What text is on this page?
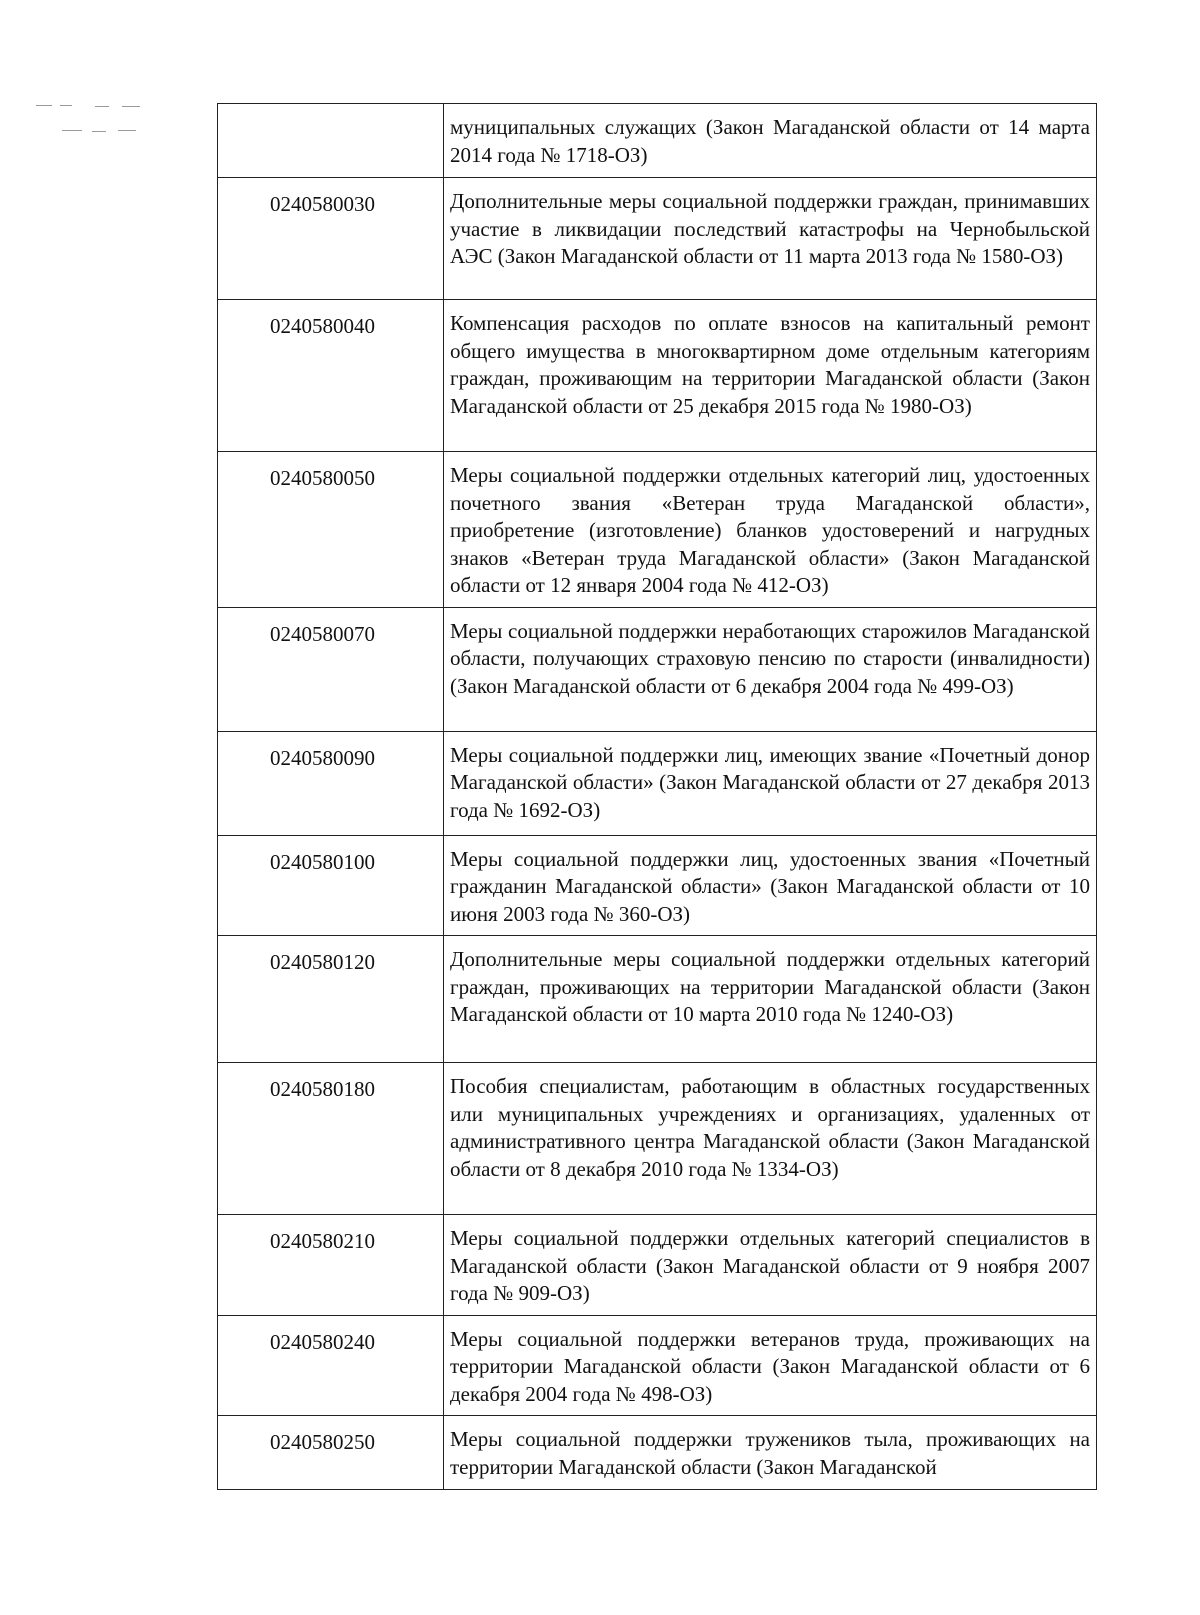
	муниципальных служащих (Закон Магаданской области от 14 марта 2014 года № 1718-ОЗ)

0240580030	Дополнительные меры социальной поддержки граждан, принимавших участие в ликвидации последствий катастрофы на Чернобыльской АЭС (Закон Магаданской области от 11 марта 2013 года № 1580-ОЗ)

0240580040	Компенсация расходов по оплате взносов на капитальный ремонт общего имущества в многоквартирном доме отдельным категориям граждан, проживающим на территории Магаданской области (Закон Магаданской области от 25 декабря 2015 года № 1980-ОЗ)

0240580050	Меры социальной поддержки отдельных категорий лиц, удостоенных почетного звания «Ветеран труда Магаданской области», приобретение (изготовление) бланков удостоверений и нагрудных знаков «Ветеран труда Магаданской области» (Закон Магаданской области от 12 января 2004 года № 412-ОЗ)

0240580070	Меры социальной поддержки неработающих старожилов Магаданской области, получающих страховую пенсию по старости (инвалидности) (Закон Магаданской области от 6 декабря 2004 года № 499-ОЗ)

0240580090	Меры социальной поддержки лиц, имеющих звание «Почетный донор Магаданской области» (Закон Магаданской области от 27 декабря 2013 года № 1692-ОЗ)

0240580100	Меры социальной поддержки лиц, удостоенных звания «Почетный гражданин Магаданской области» (Закон Магаданской области от 10 июня 2003 года № 360-ОЗ)

0240580120	Дополнительные меры социальной поддержки отдельных категорий граждан, проживающих на территории Магаданской области (Закон Магаданской области от 10 марта 2010 года № 1240-ОЗ)

0240580180	Пособия специалистам, работающим в областных государственных или муниципальных учреждениях и организациях, удаленных от административного центра Магаданской области (Закон Магаданской области от 8 декабря 2010 года № 1334-ОЗ)

0240580210	Меры социальной поддержки отдельных категорий специалистов в Магаданской области (Закон Магаданской области от 9 ноября 2007 года № 909-ОЗ)

0240580240	Меры социальной поддержки ветеранов труда, проживающих на территории Магаданской области (Закон Магаданской области от 6 декабря 2004 года № 498-ОЗ)

0240580250	Меры социальной поддержки тружеников тыла, проживающих на территории Магаданской области (Закон Магаданской
